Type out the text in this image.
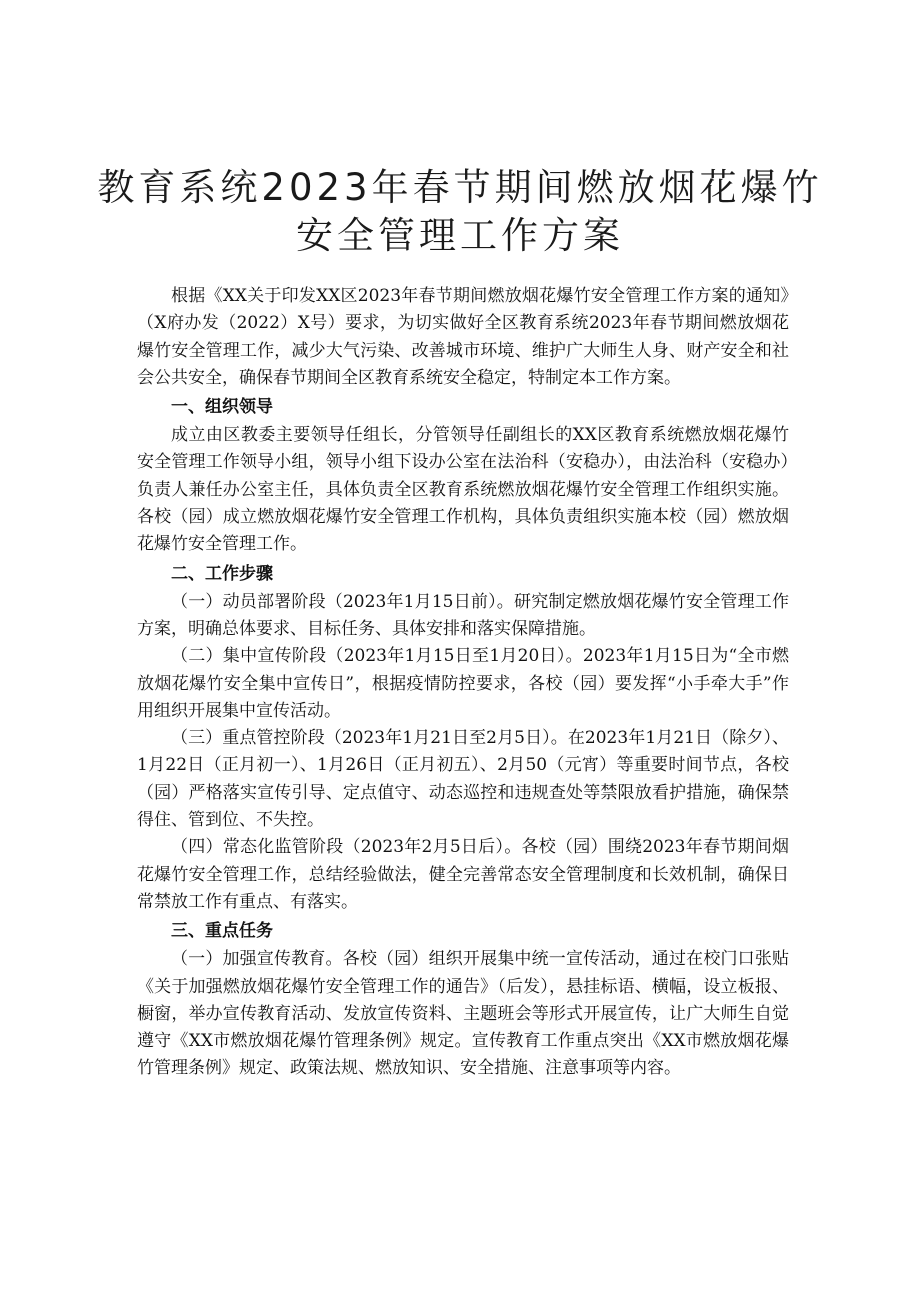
教育系统2023年春节期间燃放烟花爆竹
安全管理工作方案

根据《XX关于印发XX区2023年春节期间燃放烟花爆竹安全管理工作方案的通知》（X府办发（2022）X号）要求，为切实做好全区教育系统2023年春节期间燃放烟花爆竹安全管理工作，减少大气污染、改善城市环境、维护广大师生人身、财产安全和社会公共安全，确保春节期间全区教育系统安全稳定，特制定本工作方案。

一、组织领导

成立由区教委主要领导任组长，分管领导任副组长的XX区教育系统燃放烟花爆竹安全管理工作领导小组，领导小组下设办公室在法治科（安稳办），由法治科（安稳办）负责人兼任办公室主任，具体负责全区教育系统燃放烟花爆竹安全管理工作组织实施。各校（园）成立燃放烟花爆竹安全管理工作机构，具体负责组织实施本校（园）燃放烟花爆竹安全管理工作。

二、工作步骤

（一）动员部署阶段（2023年1月15日前）。研究制定燃放烟花爆竹安全管理工作方案，明确总体要求、目标任务、具体安排和落实保障措施。

（二）集中宣传阶段（2023年1月15日至1月20日）。2023年1月15日为“全市燃放烟花爆竹安全集中宣传日”，根据疫情防控要求，各校（园）要发挥“小手牵大手”作用组织开展集中宣传活动。

（三）重点管控阶段（2023年1月21日至2月5日）。在2023年1月21日（除夕）、1月22日（正月初一）、1月26日（正月初五）、2月50（元宵）等重要时间节点，各校（园）严格落实宣传引导、定点值守、动态巡控和违规查处等禁限放看护措施，确保禁得住、管到位、不失控。

（四）常态化监管阶段（2023年2月5日后）。各校（园）围绕2023年春节期间烟花爆竹安全管理工作，总结经验做法，健全完善常态安全管理制度和长效机制，确保日常禁放工作有重点、有落实。

三、重点任务

（一）加强宣传教育。各校（园）组织开展集中统一宣传活动，通过在校门口张贴《关于加强燃放烟花爆竹安全管理工作的通告》（后发），悬挂标语、横幅，设立板报、橱窗，举办宣传教育活动、发放宣传资料、主题班会等形式开展宣传，让广大师生自觉遵守《XX市燃放烟花爆竹管理条例》规定。宣传教育工作重点突出《XX市燃放烟花爆竹管理条例》规定、政策法规、燃放知识、安全措施、注意事项等内容。
